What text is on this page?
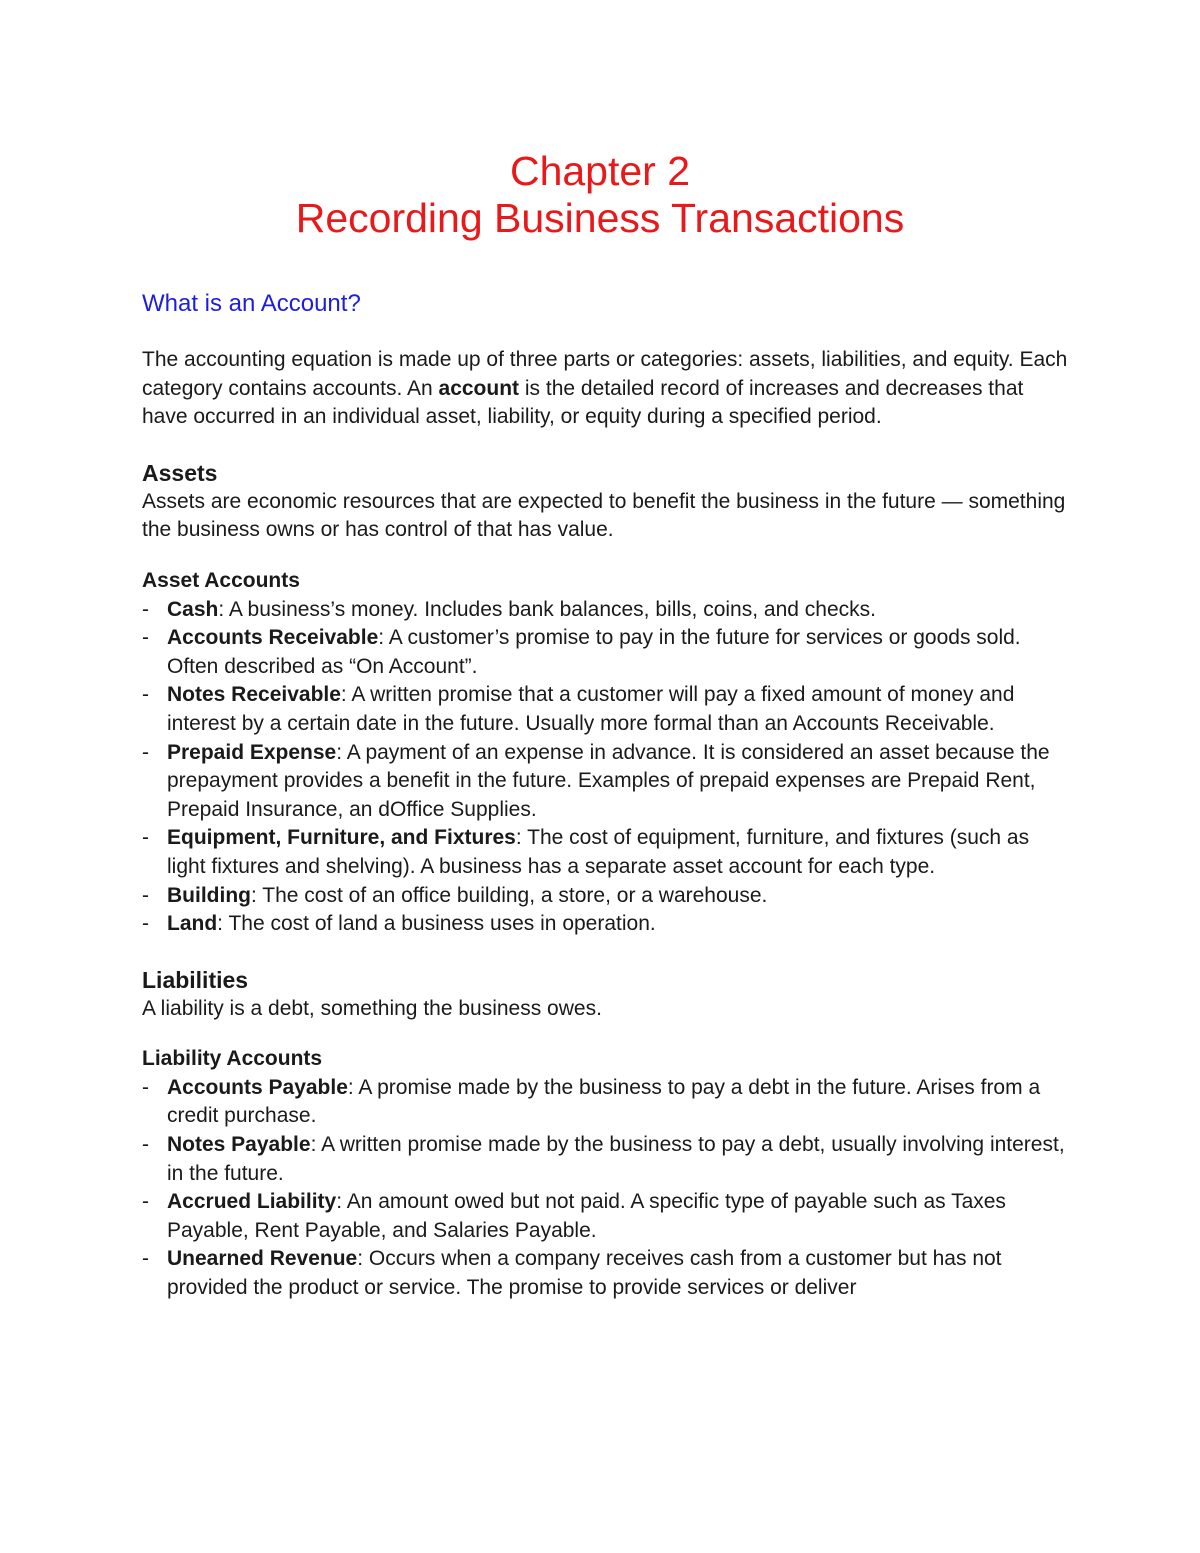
Chapter 2
Recording Business Transactions
What is an Account?

The accounting equation is made up of three parts or categories: assets, liabilities, and equity. Each category contains accounts. An account is the detailed record of increases and decreases that have occurred in an individual asset, liability, or equity during a specified period.

Assets

Assets are economic resources that are expected to benefit the business in the future — something the business owns or has control of that has value.

Asset Accounts
- Cash: A business’s money. Includes bank balances, bills, coins, and checks.
- Accounts Receivable: A customer’s promise to pay in the future for services or goods sold. Often described as “On Account”.
- Notes Receivable: A written promise that a customer will pay a fixed amount of money and interest by a certain date in the future. Usually more formal than an Accounts Receivable.
- Prepaid Expense: A payment of an expense in advance. It is considered an asset because the prepayment provides a benefit in the future. Examples of prepaid expenses are Prepaid Rent, Prepaid Insurance, an dOffice Supplies.
- Equipment, Furniture, and Fixtures: The cost of equipment, furniture, and fixtures (such as light fixtures and shelving). A business has a separate asset account for each type.
- Building: The cost of an office building, a store, or a warehouse.
- Land: The cost of land a business uses in operation.
Liabilities

A liability is a debt, something the business owes.

Liability Accounts
- Accounts Payable: A promise made by the business to pay a debt in the future. Arises from a credit purchase.
- Notes Payable: A written promise made by the business to pay a debt, usually involving interest, in the future.
- Accrued Liability: An amount owed but not paid. A specific type of payable such as Taxes Payable, Rent Payable, and Salaries Payable.
- Unearned Revenue: Occurs when a company receives cash from a customer but has not provided the product or service. The promise to provide services or deliver
